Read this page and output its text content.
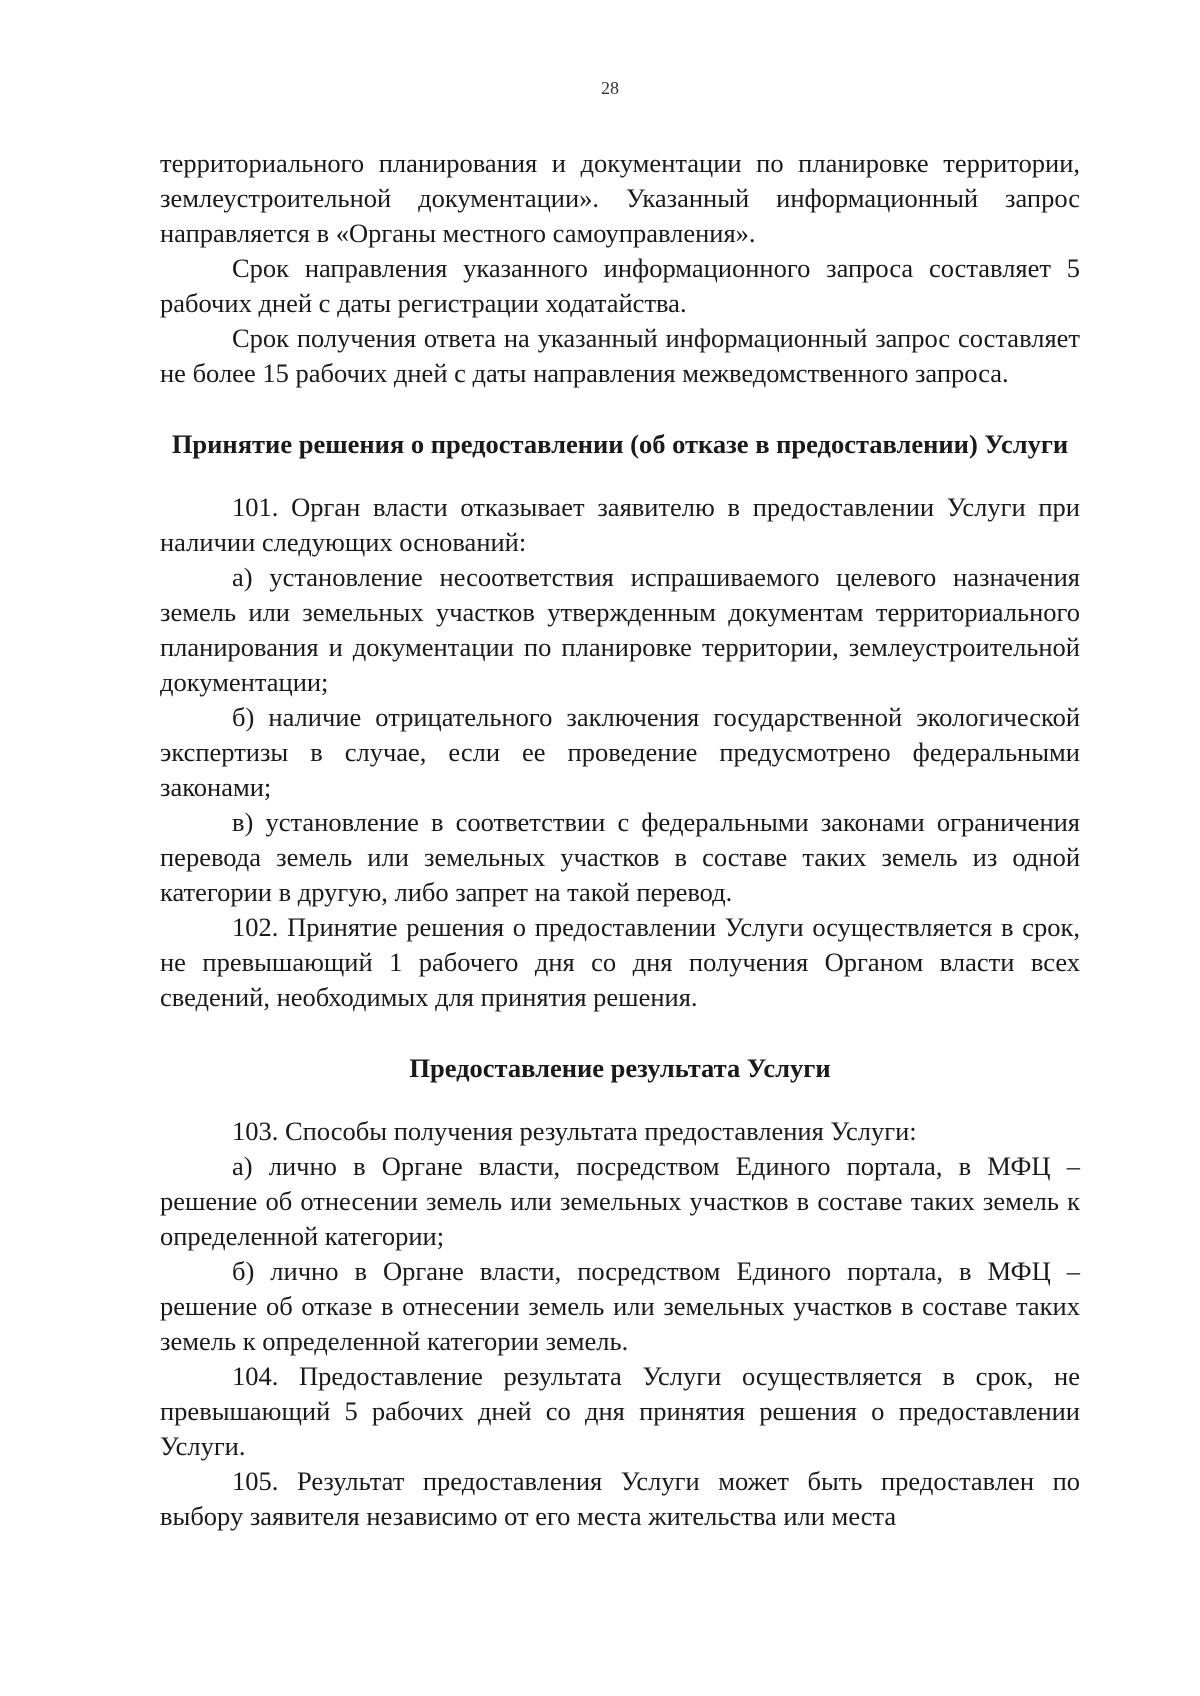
28

территориального планирования и документации по планировке территории, землеустроительной документации». Указанный информационный запрос направляется в «Органы местного самоуправления».

Срок направления указанного информационного запроса составляет 5 рабочих дней с даты регистрации ходатайства.

Срок получения ответа на указанный информационный запрос составляет не более 15 рабочих дней с даты направления межведомственного запроса.

Принятие решения о предоставлении (об отказе в предоставлении) Услуги

101. Орган власти отказывает заявителю в предоставлении Услуги при наличии следующих оснований:

а) установление несоответствия испрашиваемого целевого назначения земель или земельных участков утвержденным документам территориального планирования и документации по планировке территории, землеустроительной документации;

б) наличие отрицательного заключения государственной экологической экспертизы в случае, если ее проведение предусмотрено федеральными законами;

в) установление в соответствии с федеральными законами ограничения перевода земель или земельных участков в составе таких земель из одной категории в другую, либо запрет на такой перевод.

102. Принятие решения о предоставлении Услуги осуществляется в срок, не превышающий 1 рабочего дня со дня получения Органом власти всех сведений, необходимых для принятия решения.

Предоставление результата Услуги

103. Способы получения результата предоставления Услуги:

а) лично в Органе власти, посредством Единого портала, в МФЦ – решение об отнесении земель или земельных участков в составе таких земель к определенной категории;

б) лично в Органе власти, посредством Единого портала, в МФЦ – решение об отказе в отнесении земель или земельных участков в составе таких земель к определенной категории земель.

104. Предоставление результата Услуги осуществляется в срок, не превышающий 5 рабочих дней со дня принятия решения о предоставлении Услуги.

105. Результат предоставления Услуги может быть предоставлен по выбору заявителя независимо от его места жительства или места
